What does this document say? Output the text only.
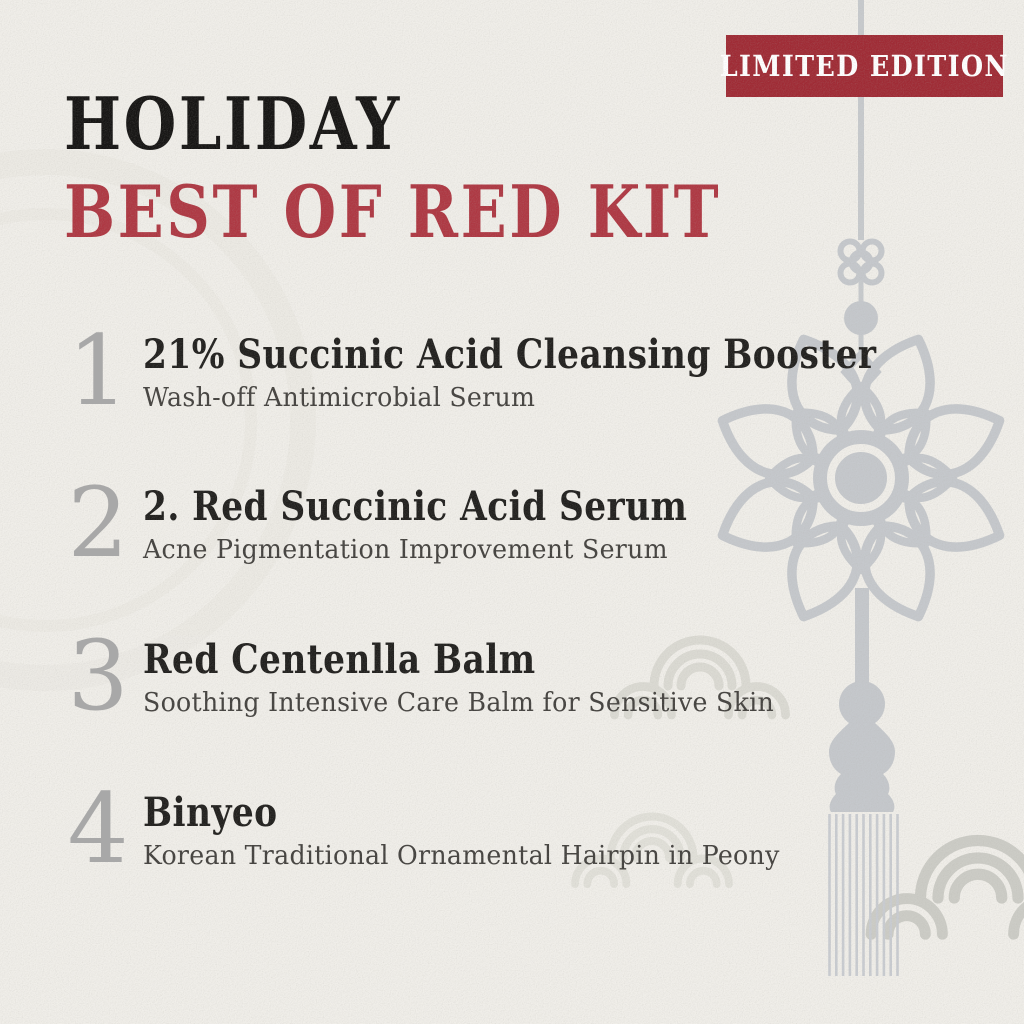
LIMITED EDITION
HOLIDAY
BEST OF RED KIT
1 21% Succinic Acid Cleansing Booster
Wash-off Antimicrobial Serum
2 2. Red Succinic Acid Serum
Acne Pigmentation Improvement Serum
3 Red Centenlla Balm
Soothing Intensive Care Balm for Sensitive Skin
4 Binyeo
Korean Traditional Ornamental Hairpin in Peony
